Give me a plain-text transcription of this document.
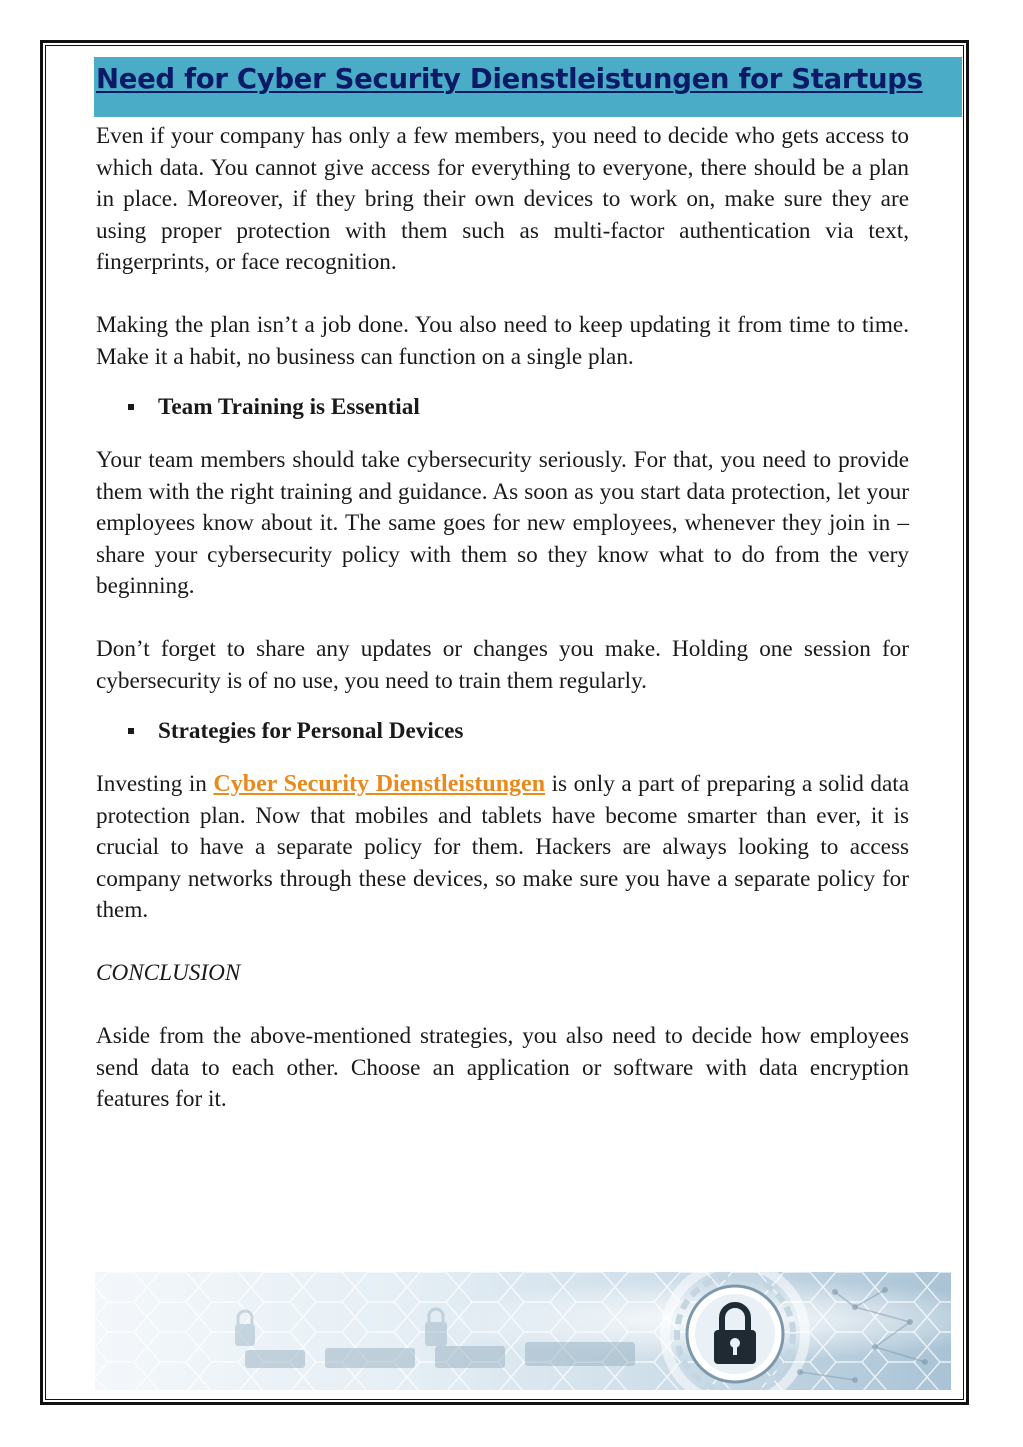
Need for Cyber Security Dienstleistungen for Startups

Even if your company has only a few members, you need to decide who gets access to which data. You cannot give access for everything to everyone, there should be a plan in place. Moreover, if they bring their own devices to work on, make sure they are using proper protection with them such as multi-factor authentication via text, fingerprints, or face recognition.

Making the plan isn’t a job done. You also need to keep updating it from time to time. Make it a habit, no business can function on a single plan.

Team Training is Essential

Your team members should take cybersecurity seriously. For that, you need to provide them with the right training and guidance. As soon as you start data protection, let your employees know about it. The same goes for new employees, whenever they join in – share your cybersecurity policy with them so they know what to do from the very beginning.

Don’t forget to share any updates or changes you make. Holding one session for cybersecurity is of no use, you need to train them regularly.

Strategies for Personal Devices

Investing in Cyber Security Dienstleistungen is only a part of preparing a solid data protection plan. Now that mobiles and tablets have become smarter than ever, it is crucial to have a separate policy for them. Hackers are always looking to access company networks through these devices, so make sure you have a separate policy for them.

CONCLUSION

Aside from the above-mentioned strategies, you also need to decide how employees send data to each other. Choose an application or software with data encryption features for it.
